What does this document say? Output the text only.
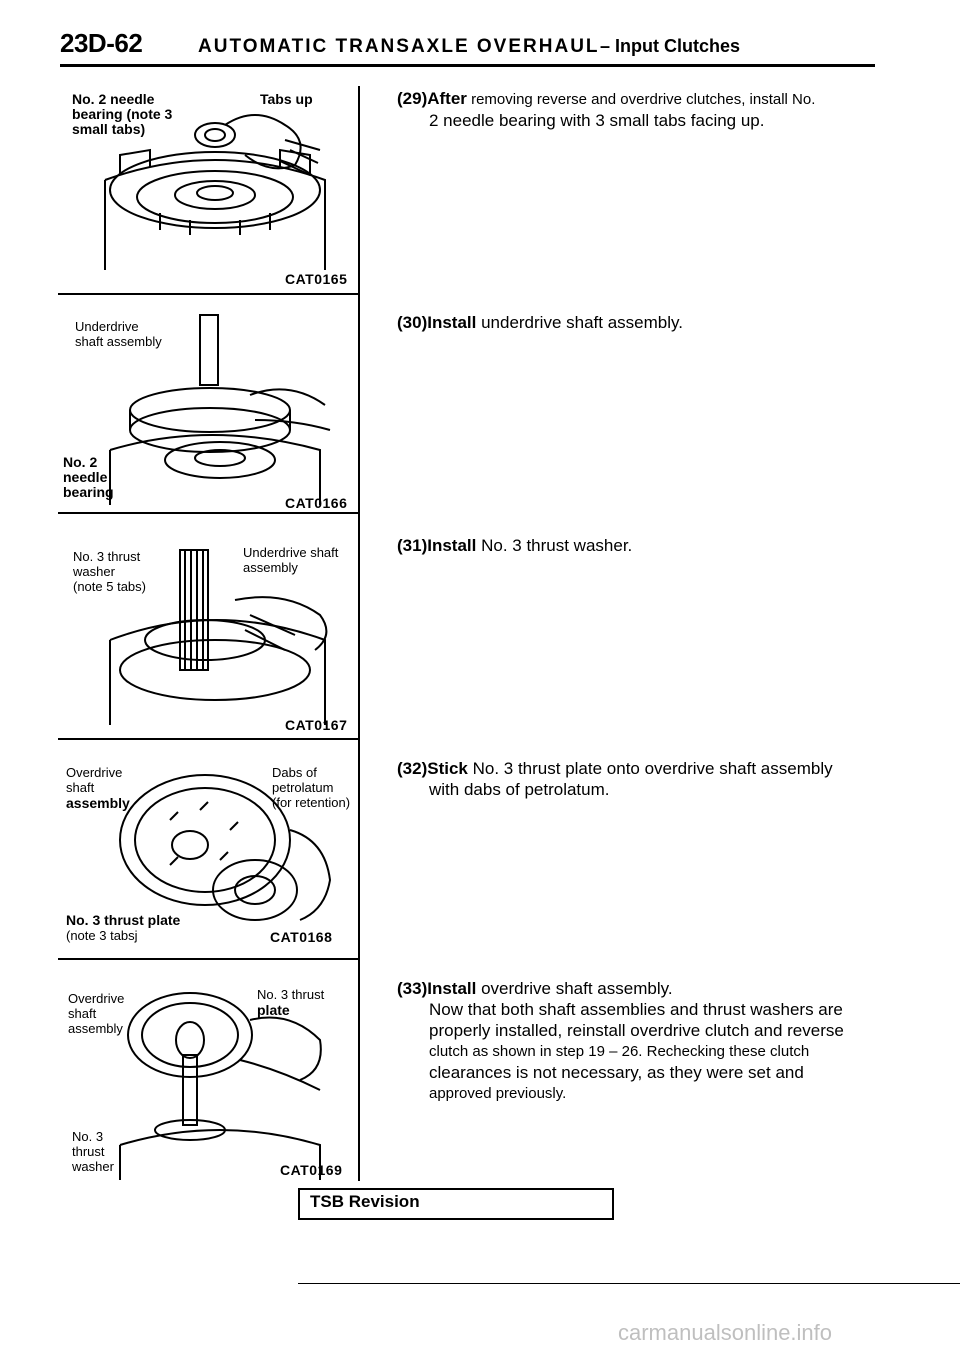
23D-62	AUTOMATIC TRANSAXLE OVERHAUL – Input Clutches
No. 2 needle
bearing (note 3
small tabs)
Tabs up
CAT0165
Underdrive
shaft assembly
No. 2
needle
bearing
CAT0166
No. 3 thrust
washer
(note 5 tabs)
Underdrive shaft
assembly
CAT0167
Overdrive
shaft
assembly
Dabs of
petrolatum
(for retention)
No. 3 thrust plate
(note 3 tabsj	CAT0168
Overdrive
shaft
assembly
No. 3 thrust
plate
No. 3
thrust
washer	CAT0169
(29)After removing reverse and overdrive clutches, install No.
2 needle bearing with 3 small tabs facing up.
(30)Install underdrive shaft assembly.
(31)Install No. 3 thrust washer.
(32)Stick No. 3 thrust plate onto overdrive shaft assembly
with dabs of petrolatum.
(33)Install overdrive shaft assembly.
Now that both shaft assemblies and thrust washers are
properly installed, reinstall overdrive clutch and reverse
clutch as shown in step 19 – 26. Rechecking these clutch
clearances is not necessary, as they were set and
approved previously.
TSB Revision
carmanualsonline.info
